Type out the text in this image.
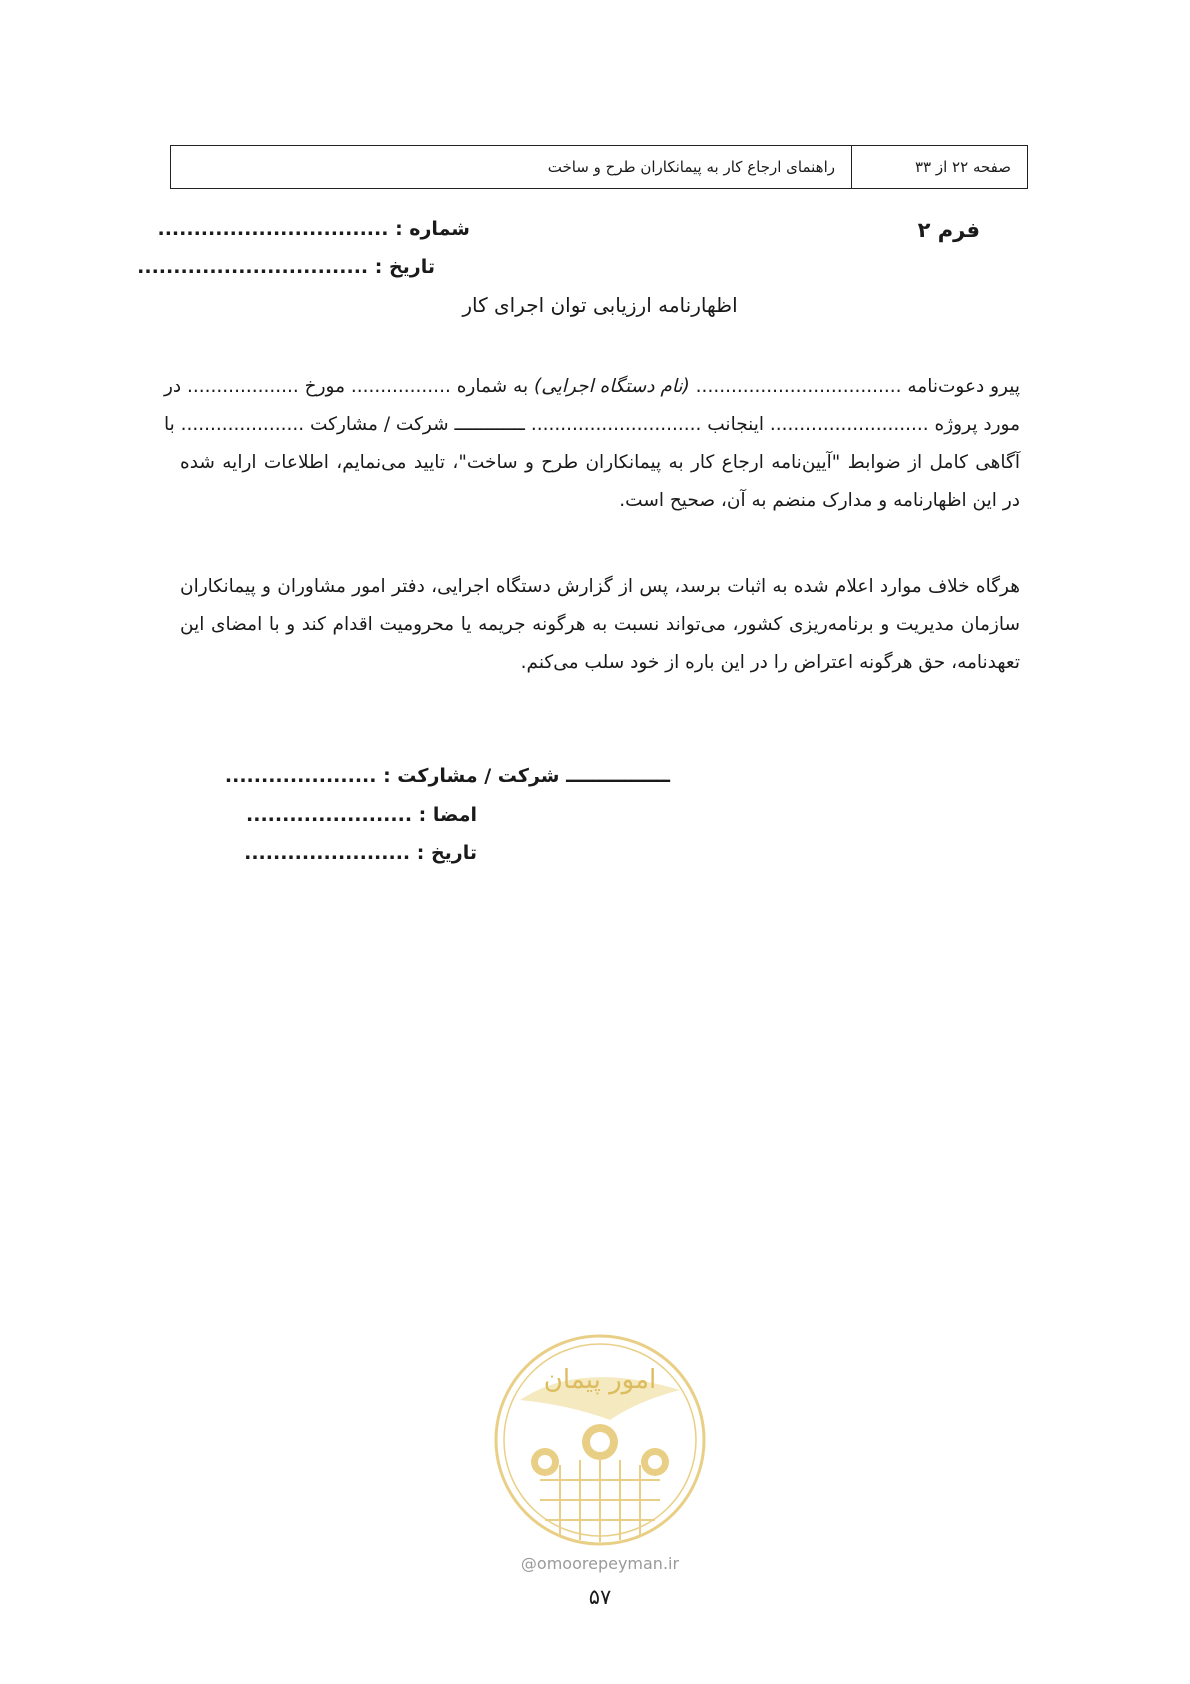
صفحه ۲۲ از ۳۳
راهنمای ارجاع کار به پیمانکاران طرح و ساخت
فرم ۲
شماره : ................................
تاریخ : ................................
اظهارنامه ارزیابی توان اجرای کار
پیرو دعوت‌نامه ................................... (نام دستگاه اجرایی) به شماره ................. مورخ ................... در
مورد پروژه ........................... اینجانب ............................. ـــــــــــــ شرکت / مشارکت ..................... با
آگاهی کامل از ضوابط "آیین‌نامه ارجاع کار به پیمانکاران طرح و ساخت"، تایید می‌نمایم، اطلاعات ارایه شده
در این اظهارنامه و مدارک منضم به آن، صحیح است.
هرگاه خلاف موارد اعلام شده به اثبات برسد، پس از گزارش دستگاه اجرایی، دفتر امور مشاوران و پیمانکاران
سازمان مدیریت و برنامه‌ریزی کشور، می‌تواند نسبت به هرگونه جریمه یا محرومیت اقدام کند و با امضای این
تعهدنامه، حق هرگونه اعتراض را در این باره از خود سلب می‌کنم.
ــــــــــــــــ شرکت / مشارکت : .....................
امضا : .......................
تاریخ : .......................
امور پیمان
@omoorepeyman.ir
۵۷
